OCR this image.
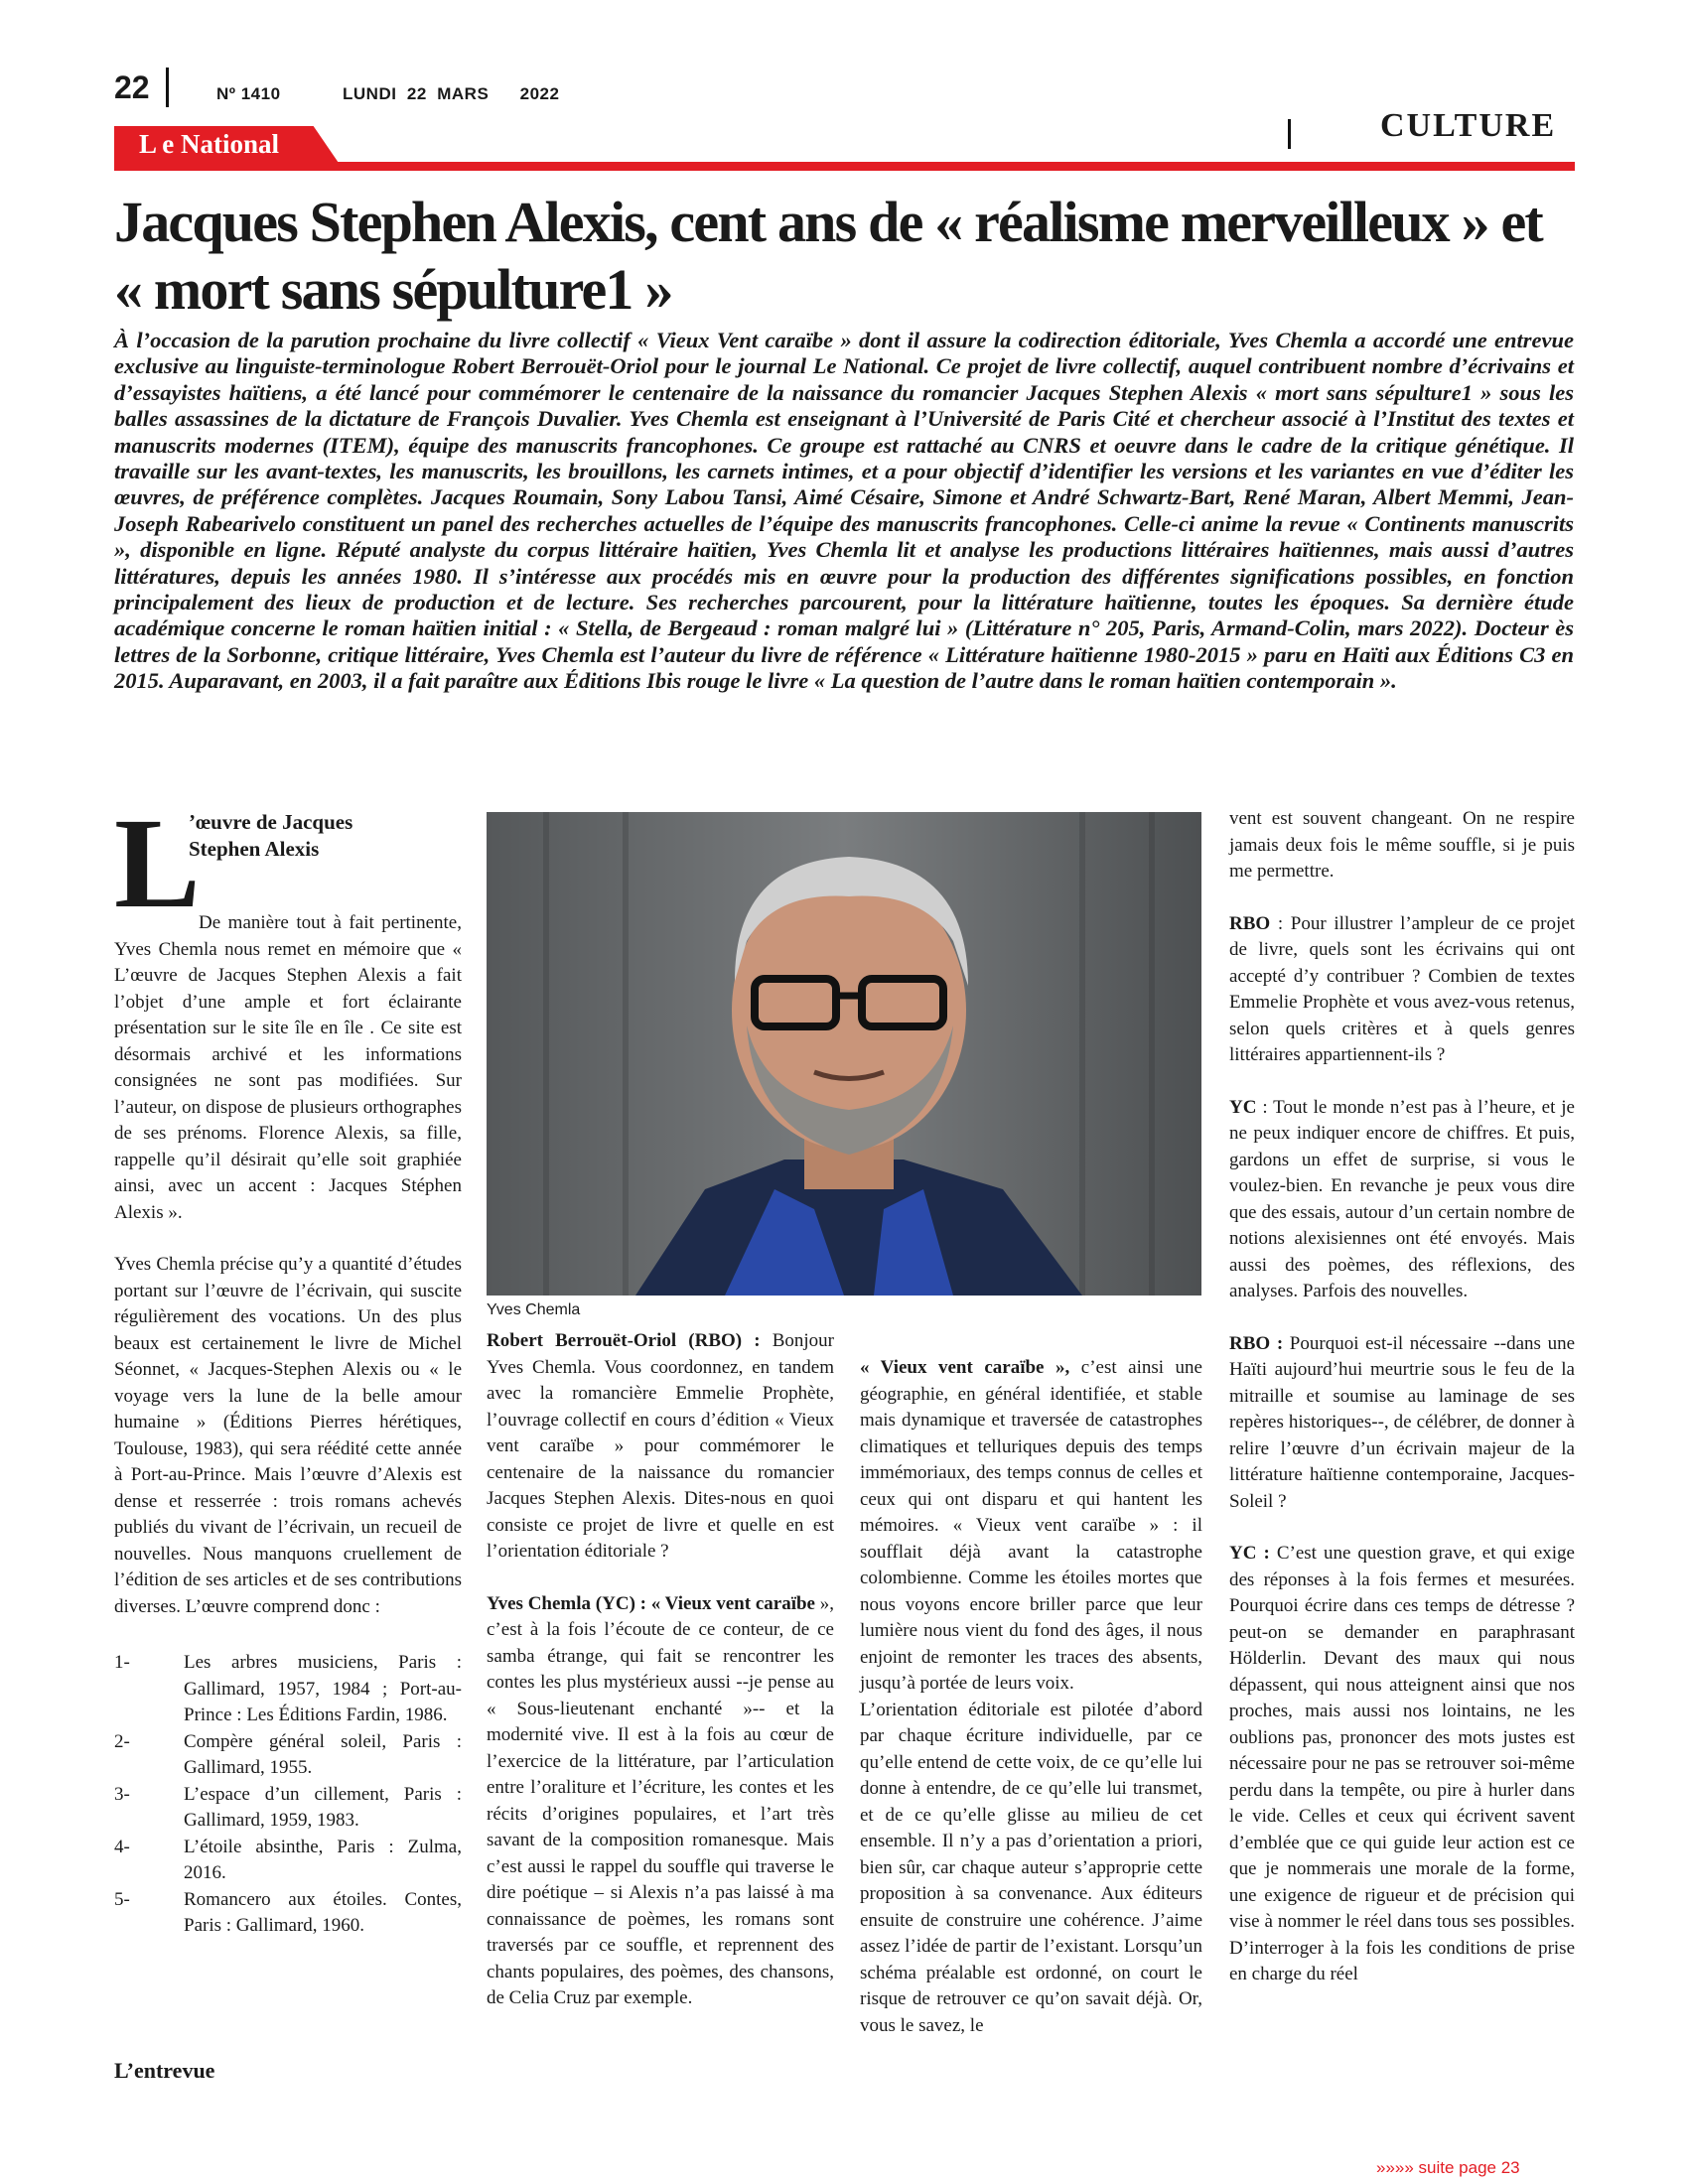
22	Nº 1410	LUNDI  22  MARS      2022
CULTURE
L e National
Jacques Stephen Alexis, cent ans de « réalisme merveilleux » et « mort sans sépulture1 »

À l’occasion de la parution prochaine du livre collectif « Vieux Vent caraïbe » dont il assure la codirection éditoriale, Yves Chemla a accordé une entrevue exclusive au linguiste-terminologue Robert Berrouët-Oriol pour le journal Le National. Ce projet de livre collectif, auquel contribuent nombre d’écrivains et d’essayistes haïtiens, a été lancé pour commémorer le centenaire de la naissance du romancier Jacques Stephen Alexis « mort sans sépulture1 » sous les balles assassines de la dictature de François Duvalier. Yves Chemla est enseignant à l’Université de Paris Cité et chercheur associé à l’Institut des textes et manuscrits modernes (ITEM), équipe des manuscrits francophones. Ce groupe est rattaché au CNRS et oeuvre dans le cadre de la critique génétique. Il travaille sur les avant-textes, les manuscrits, les brouillons, les carnets intimes, et a pour objectif d’identifier les versions et les variantes en vue d’éditer les œuvres, de préférence complètes. Jacques Roumain, Sony Labou Tansi, Aimé Césaire, Simone et André Schwartz-Bart, René Maran, Albert Memmi, Jean-Joseph Rabearivelo constituent un panel des recherches actuelles de l’équipe des manuscrits francophones. Celle-ci anime la revue « Continents manuscrits », disponible en ligne. Réputé analyste du corpus littéraire haïtien, Yves Chemla lit et analyse les productions littéraires haïtiennes, mais aussi d’autres littératures, depuis les années 1980. Il s’intéresse aux procédés mis en œuvre pour la production des différentes significations possibles, en fonction principalement des lieux de production et de lecture. Ses recherches parcourent, pour la littérature haïtienne, toutes les époques. Sa dernière étude académique concerne le roman haïtien initial : « Stella, de Bergeaud : roman malgré lui » (Littérature n° 205, Paris, Armand-Colin, mars 2022). Docteur ès lettres de la Sorbonne, critique littéraire, Yves Chemla est l’auteur du livre de référence « Littérature haïtienne 1980-2015 » paru en Haïti aux Éditions C3 en 2015. Auparavant, en 2003, il a fait paraître aux Éditions Ibis rouge le livre « La question de l’autre dans le roman haïtien contemporain ».

L
’œuvre de Jacques Stephen Alexis

De manière tout à fait pertinente, Yves Chemla nous remet en mémoire que « L’œuvre de Jacques Stephen Alexis a fait l’objet d’une ample et fort éclairante présentation sur le site île en île . Ce site est désormais archivé et les informations consignées ne sont pas modifiées. Sur l’auteur, on dispose de plusieurs orthographes de ses prénoms. Florence Alexis, sa fille, rappelle qu’il désirait qu’elle soit graphiée ainsi, avec un accent : Jacques Stéphen Alexis ».

Yves Chemla précise qu’y a quantité d’études portant sur l’œuvre de l’écrivain, qui suscite régulièrement des vocations. Un des plus beaux est certainement le livre de Michel Séonnet, « Jacques-Stephen Alexis ou « le voyage vers la lune de la belle amour humaine » (Éditions Pierres hérétiques, Toulouse, 1983), qui sera réédité cette année à Port-au-Prince. Mais l’œuvre d’Alexis est dense et resserrée : trois romans achevés publiés du vivant de l’écrivain, un recueil de nouvelles. Nous manquons cruellement de l’édition de ses articles et de ses contributions diverses. L’œuvre comprend donc :

1-	Les arbres musiciens, Paris : Gallimard, 1957, 1984 ; Port-au-Prince : Les Éditions Fardin, 1986.
2-	Compère général soleil, Paris : Gallimard, 1955.
3-	L’espace d’un cillement, Paris : Gallimard, 1959, 1983.
4-	L’étoile absinthe, Paris : Zulma, 2016.
5-	Romancero aux étoiles. Contes, Paris : Gallimard, 1960.
L’entrevue
Yves Chemla

Robert Berrouët-Oriol (RBO) : Bonjour Yves Chemla. Vous coordonnez, en tandem avec la romancière Emmelie Prophète, l’ouvrage collectif en cours d’édition « Vieux vent caraïbe » pour commémorer le centenaire de la naissance du romancier Jacques Stephen Alexis. Dites-nous en quoi consiste ce projet de livre et quelle en est l’orientation éditoriale ?

Yves Chemla (YC) : « Vieux vent caraïbe », c’est à la fois l’écoute de ce conteur, de ce samba étrange, qui fait se rencontrer les contes les plus mystérieux aussi --je pense au « Sous-lieutenant enchanté »-- et la modernité vive. Il est à la fois au cœur de l’exercice de la littérature, par l’articulation entre l’oraliture et l’écriture, les contes et les récits d’origines populaires, et l’art très savant de la composition romanesque. Mais c’est aussi le rappel du souffle qui traverse le dire poétique – si Alexis n’a pas laissé à ma connaissance de poèmes, les romans sont traversés par ce souffle, et reprennent des chants populaires, des poèmes, des chansons, de Celia Cruz par exemple.

« Vieux vent caraïbe », c’est ainsi une géographie, en général identifiée, et stable mais dynamique et traversée de catastrophes climatiques et telluriques depuis des temps immémoriaux, des temps connus de celles et ceux qui ont disparu et qui hantent les mémoires. « Vieux vent caraïbe » : il soufflait déjà avant la catastrophe colombienne. Comme les étoiles mortes que nous voyons encore briller parce que leur lumière nous vient du fond des âges, il nous enjoint de remonter les traces des absents, jusqu’à portée de leurs voix.

L’orientation éditoriale est pilotée d’abord par chaque écriture individuelle, par ce qu’elle entend de cette voix, de ce qu’elle lui donne à entendre, de ce qu’elle lui transmet, et de ce qu’elle glisse au milieu de cet ensemble. Il n’y a pas d’orientation a priori, bien sûr, car chaque auteur s’approprie cette proposition à sa convenance. Aux éditeurs ensuite de construire une cohérence. J’aime assez l’idée de partir de l’existant. Lorsqu’un schéma préalable est ordonné, on court le risque de retrouver ce qu’on savait déjà. Or, vous le savez, le

vent est souvent changeant. On ne respire jamais deux fois le même souffle, si je puis me permettre.

RBO : Pour illustrer l’ampleur de ce projet de livre, quels sont les écrivains qui ont accepté d’y contribuer ? Combien de textes Emmelie Prophète et vous avez-vous retenus, selon quels critères et à quels genres littéraires appartiennent-ils ?

YC : Tout le monde n’est pas à l’heure, et je ne peux indiquer encore de chiffres. Et puis, gardons un effet de surprise, si vous le voulez-bien. En revanche je peux vous dire que des essais, autour d’un certain nombre de notions alexisiennes ont été envoyés. Mais aussi des poèmes, des réflexions, des analyses. Parfois des nouvelles.

RBO : Pourquoi est-il nécessaire --dans une Haïti aujourd’hui meurtrie sous le feu de la mitraille et soumise au laminage de ses repères historiques--, de célébrer, de donner à relire l’œuvre d’un écrivain majeur de la littérature haïtienne contemporaine, Jacques-Soleil ?

YC : C’est une question grave, et qui exige des réponses à la fois fermes et mesurées. Pourquoi écrire dans ces temps de détresse ? peut-on se demander en paraphrasant Hölderlin. Devant des maux qui nous dépassent, qui nous atteignent ainsi que nos proches, mais aussi nos lointains, ne les oublions pas, prononcer des mots justes est nécessaire pour ne pas se retrouver soi-même perdu dans la tempête, ou pire à hurler dans le vide. Celles et ceux qui écrivent savent d’emblée que ce qui guide leur action est ce que je nommerais une morale de la forme, une exigence de rigueur et de précision qui vise à nommer le réel dans tous ses possibles. D’interroger à la fois les conditions de prise en charge du réel

»»»» suite page 23
